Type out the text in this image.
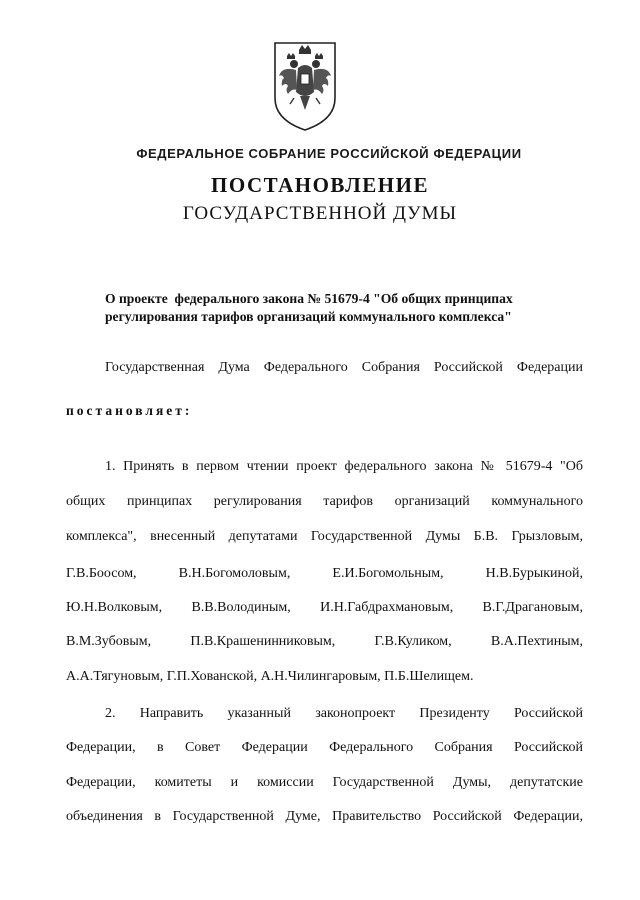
ФЕДЕРАЛЬНОЕ СОБРАНИЕ РОССИЙСКОЙ ФЕДЕРАЦИИ
ПОСТАНОВЛЕНИЕ
ГОСУДАРСТВЕННОЙ ДУМЫ
О проекте  федерального закона № 51679-4 "Об общих принципах
регулирования тарифов организаций коммунального комплекса"
Государственная Дума Федерального Собрания Российской Федерации
постановляет:
1. Принять в первом чтении проект федерального закона № 51679-4 "Об
общих принципах регулирования тарифов организаций коммунального
комплекса", внесенный депутатами Государственной Думы Б.В. Грызловым,
Г.В.Боосом, В.Н.Богомоловым, Е.И.Богомольным, Н.В.Бурыкиной,
Ю.Н.Волковым, В.В.Володиным, И.Н.Габдрахмановым, В.Г.Драгановым,
В.М.Зубовым, П.В.Крашенинниковым, Г.В.Куликом, В.А.Пехтиным,
А.А.Тягуновым, Г.П.Хованской, А.Н.Чилингаровым, П.Б.Шелищем.
2. Направить указанный законопроект Президенту Российской
Федерации, в Совет Федерации Федерального Собрания Российской
Федерации, комитеты и комиссии Государственной Думы, депутатские
объединения в Государственной Думе, Правительство Российской Федерации,
